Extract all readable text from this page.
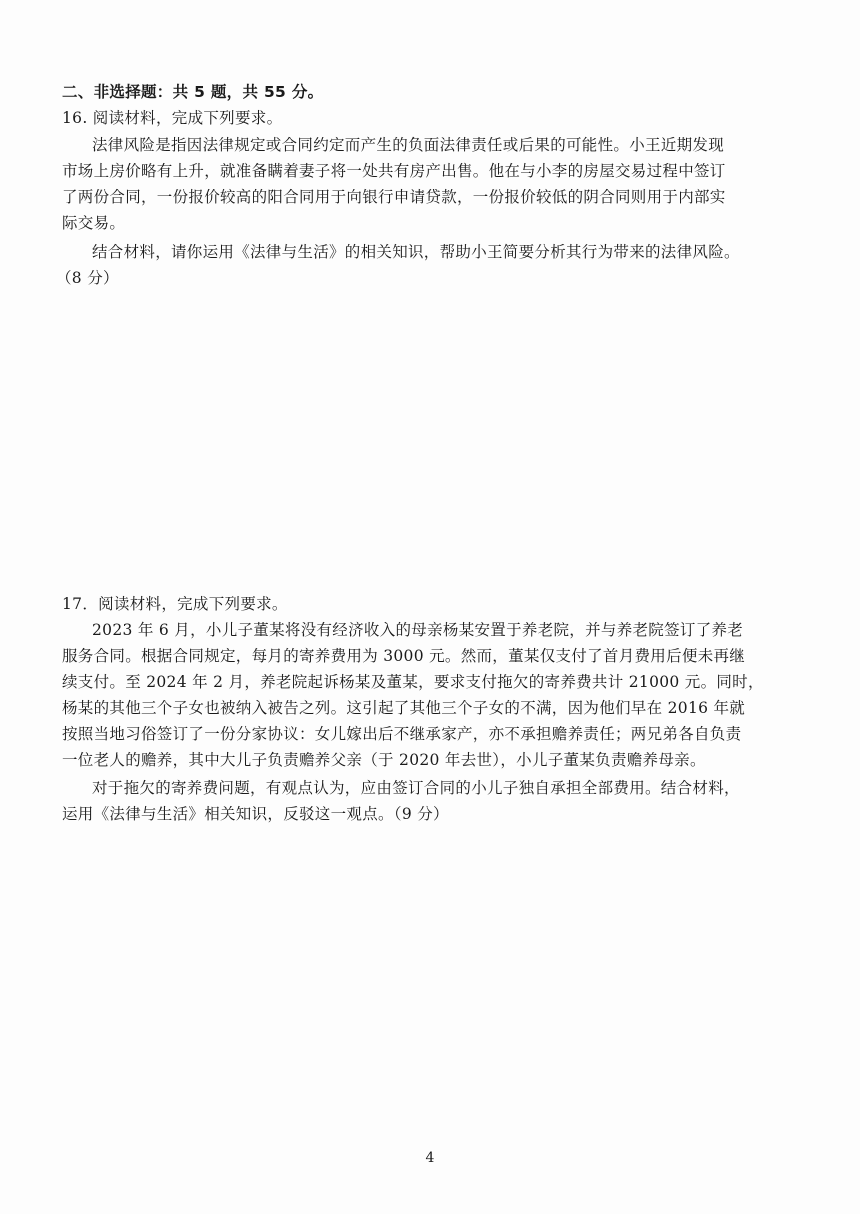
二、非选择题：共 5 题，共 55 分。
16. 阅读材料，完成下列要求。
法律风险是指因法律规定或合同约定而产生的负面法律责任或后果的可能性。小王近期发现
市场上房价略有上升，就准备瞒着妻子将一处共有房产出售。他在与小李的房屋交易过程中签订
了两份合同，一份报价较高的阳合同用于向银行申请贷款，一份报价较低的阴合同则用于内部实
际交易。
结合材料，请你运用《法律与生活》的相关知识，帮助小王简要分析其行为带来的法律风险。
（8 分）
17．阅读材料，完成下列要求。
2023 年 6 月，小儿子董某将没有经济收入的母亲杨某安置于养老院，并与养老院签订了养老
服务合同。根据合同规定，每月的寄养费用为 3000 元。然而，董某仅支付了首月费用后便未再继
续支付。至 2024 年 2 月，养老院起诉杨某及董某，要求支付拖欠的寄养费共计 21000 元。同时，
杨某的其他三个子女也被纳入被告之列。这引起了其他三个子女的不满，因为他们早在 2016 年就
按照当地习俗签订了一份分家协议：女儿嫁出后不继承家产，亦不承担赡养责任；两兄弟各自负责
一位老人的赡养，其中大儿子负责赡养父亲（于 2020 年去世），小儿子董某负责赡养母亲。
对于拖欠的寄养费问题，有观点认为，应由签订合同的小儿子独自承担全部费用。结合材料，
运用《法律与生活》相关知识，反驳这一观点。（9 分）
4
